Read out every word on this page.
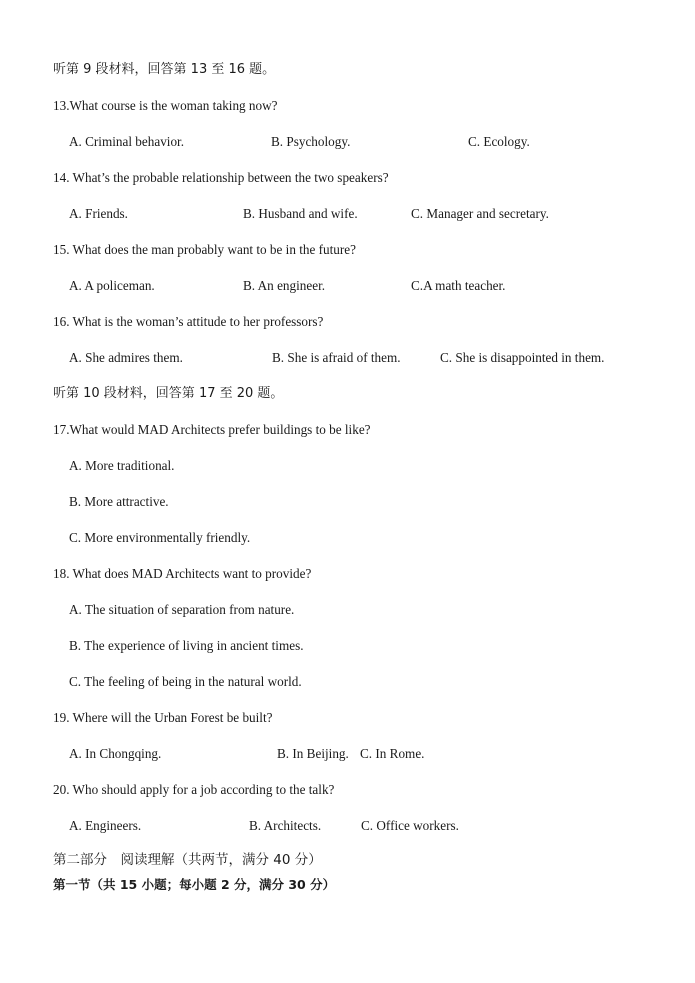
听第 9 段材料，回答第 13 至 16 题。
13.What course is the woman taking now?
A. Criminal behavior.	B. Psychology.	C. Ecology.
14. What’s the probable relationship between the two speakers?
A. Friends.	B. Husband and wife.	C. Manager and secretary.
15. What does the man probably want to be in the future?
A. A policeman.	B. An engineer.	C.A math teacher.
16. What is the woman’s attitude to her professors?
A. She admires them.	B. She is afraid of them.	C. She is disappointed in them.
听第 10 段材料，回答第 17 至 20 题。
17.What would MAD Architects prefer buildings to be like?
A. More traditional.
B. More attractive.
C. More environmentally friendly.
18. What does MAD Architects want to provide?
A. The situation of separation from nature.
B. The experience of living in ancient times.
C. The feeling of being in the natural world.
19. Where will the Urban Forest be built?
A. In Chongqing.	B. In Beijing. C. In Rome.
20. Who should apply for a job according to the talk?
A. Engineers.	B. Architects.	C. Office workers.
第二部分　阅读理解（共两节，满分 40 分）
第一节（共 15 小题；每小题 2 分，满分 30 分）
